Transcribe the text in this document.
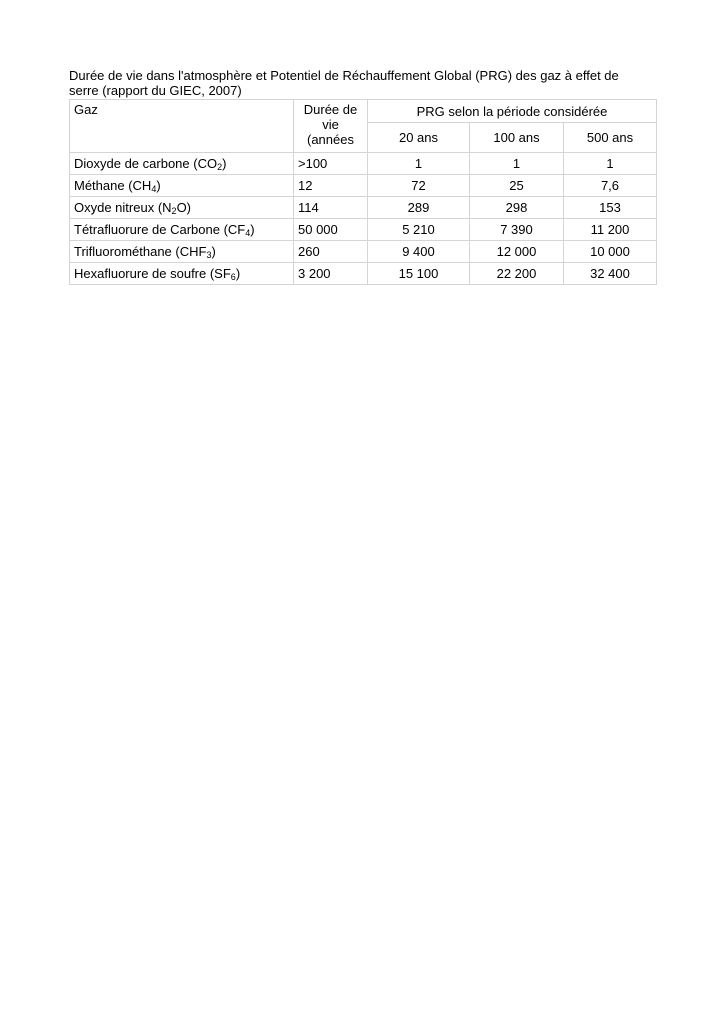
Durée de vie dans l'atmosphère et Potentiel de Réchauffement Global (PRG) des gaz à effet de
serre (rapport du GIEC, 2007)
Gaz	Durée de
vie
(années	PRG selon la période considérée		
		20 ans	100 ans	500 ans
Dioxyde de carbone $(CO_2)$	>100	1	1	1
Méthane $(CH_4)$	12	72	25	7,6
Oxyde nitreux $(N_2O)$	114	289	298	153
Tétrafluorure de Carbone $(CF_4)$	50 000	5 210	7 390	11 200
Trifluorométhane $(CHF_3)$	260	9 400	12 000	10 000
Hexafluorure de soufre $(SF_6)$	3 200	15 100	22 200	32 400
